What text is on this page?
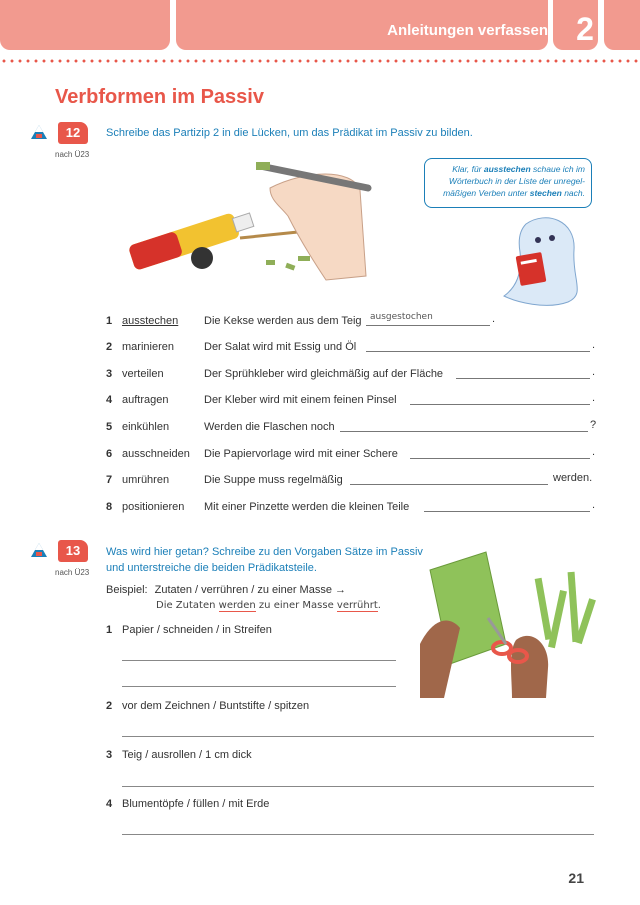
Anleitungen verfassen 2
Verbformen im Passiv
12
nach Ü23
Schreibe das Partizip 2 in die Lücken, um das Prädikat im Passiv zu bilden.
Klar, für ausstechen schaue ich im Wörterbuch in der Liste der unregel-mäßigen Verben unter stechen nach.
1 ausstechen Die Kekse werden aus dem Teig ausgestochen	.
2 marinieren	Der Salat wird mit Essig und Öl	.
3 verteilen	Der Sprühkleber wird gleichmäßig auf der Fläche	.
4 auftragen	Der Kleber wird mit einem feinen Pinsel	.
5 einkühlen	Werden die Flaschen noch	?
6 ausschneiden Die Papiervorlage wird mit einer Schere	.
7 umrühren	Die Suppe muss regelmäßig	werden.
8 positionieren Mit einer Pinzette werden die kleinen Teile	.
13
nach Ü23
Was wird hier getan? Schreibe zu den Vorgaben Sätze im Passiv
und unterstreiche die beiden Prädikatsteile.
Beispiel: Zutaten / verrühren / zu einer Masse →
Die Zutaten werden zu einer Masse verrührt.
1 Papier / schneiden / in Streifen
2 vor dem Zeichnen / Buntstifte / spitzen
3 Teig / ausrollen / 1 cm dick
4 Blumentöpfe / füllen / mit Erde
21
